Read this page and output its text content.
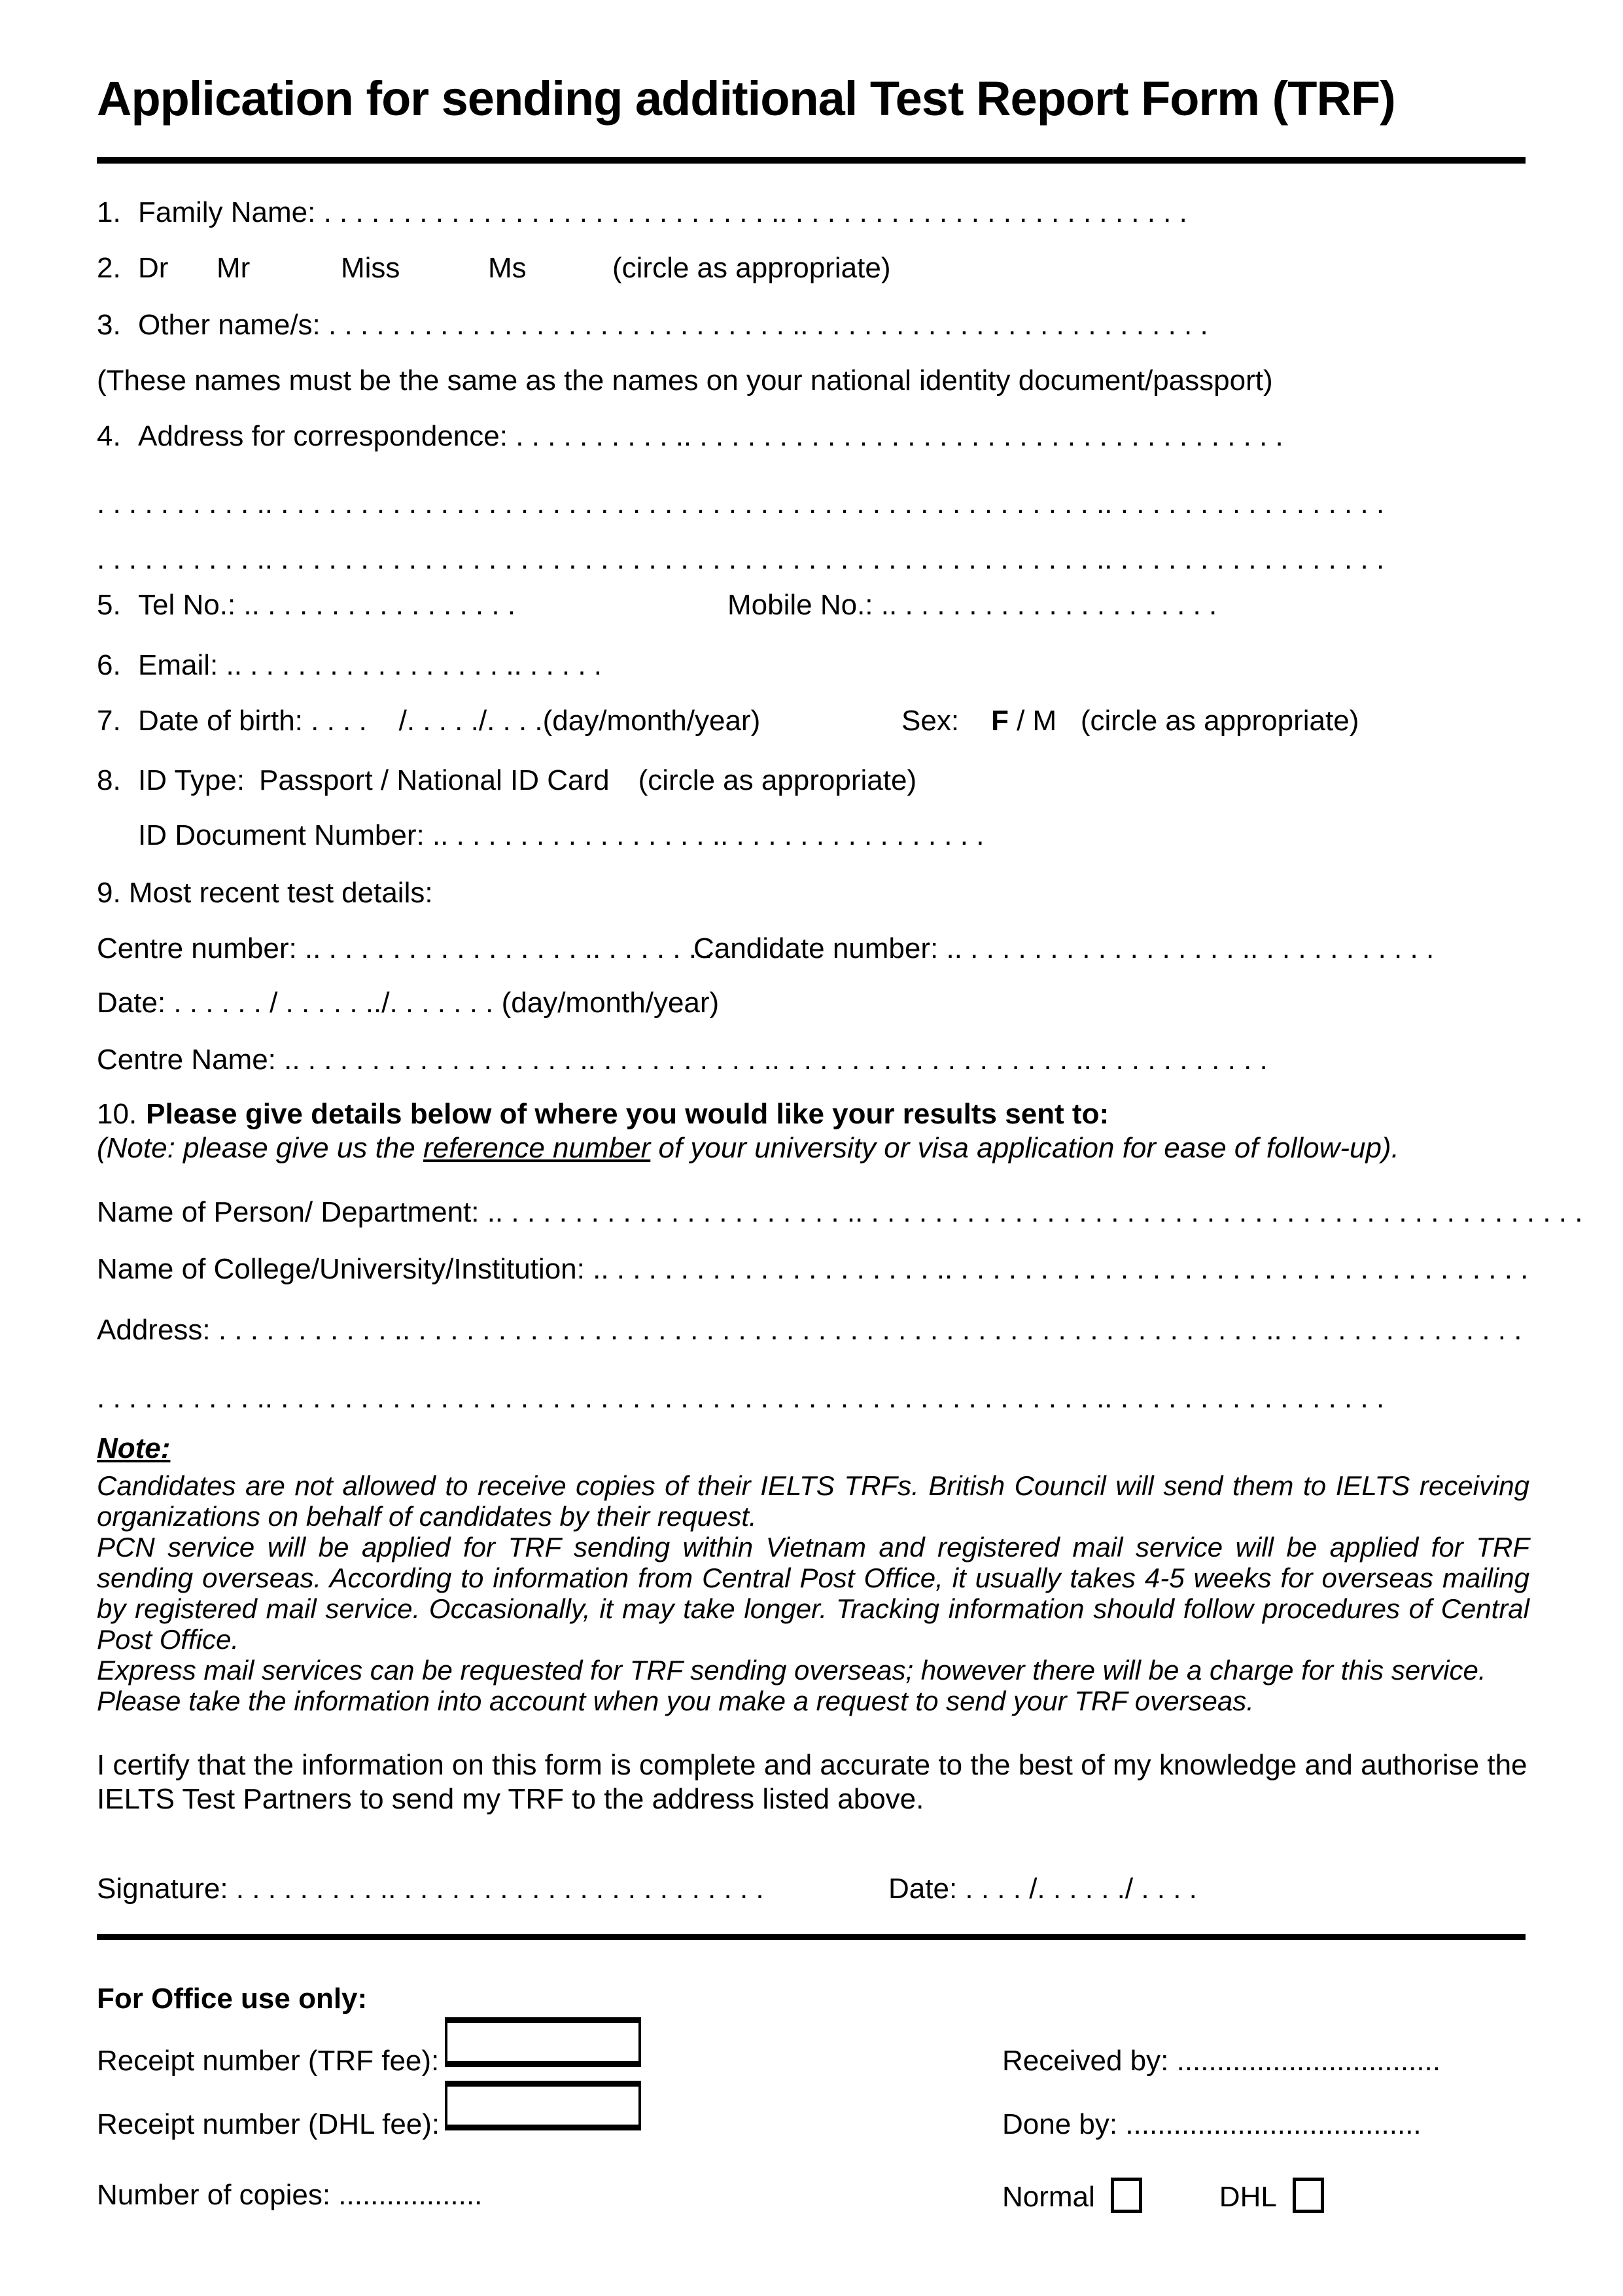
Application for sending additional Test Report Form (TRF)
1. Family Name: . . . . . . . . . . . . . . . . . . . . . . . . . . . . .. . . . . . . . . . . . . . . . . . . . . . . . . .
2. Dr Mr	Miss	Ms	(circle as appropriate)
3. Other name/s: . . . . . . . . . . . . . . . . . . . . . . . . . . . . . .. . . . . . . . . . . . . . . . . . . . . . . . . .
(These names must be the same as the names on your national identity document/passport)
4. Address for correspondence: . . . . . . . . . . .. . . . . . . . . . . . . . . . . . . . . . . . . . . . . . . . . . . . . .
. . . . . . . . . . .. . . . . . . . . . . . . . . . . . . . . . . . . . . . . . . . . . . . . . . . . . . . . . . . . . . . .. . . . . . . . . . . . . . . . . .
. . . . . . . . . . .. . . . . . . . . . . . . . . . . . . . . . . . . . . . . . . . . . . . . . . . . . . . . . . . . . . . .. . . . . . . . . . . . . . . . . .
5. Tel No.: .. . . . . . . . . . . . . . . . .	Mobile No.: .. . . . . . . . . . . . . . . . . . . . .
6. Email: .. . . . . . . . . . . . . . . . . .. . . . . .
7. Date of birth: . . . .    /. . . . ./. . . .(day/month/year)	Sex: F / M (circle as appropriate)
8. ID Type: Passport / National ID Card (circle as appropriate)
ID Document Number: .. . . . . . . . . . . . . . . . . .. . . . . . . . . . . . . . . . .
9. Most recent test details:
Centre number: .. . . . . . . . . . . . . . . . . .. . . . . . . .
Candidate number: .. . . . . . . . . . . . . . . . . . .. . . . . . . . . . . .
Date: . . . . . . / . . . . . ../. . . . . . . (day/month/year)
Centre Name: .. . . . . . . . . . . . . . . . . . .. . . . . . . . . . . .. . . . . . . . . . . . . . . . . . . .. . . . . . . . . . . .
10. Please give details below of where you would like your results sent to:
(Note: please give us the reference number of your university or visa application for ease of follow-up).
Name of Person/ Department: .. . . . . . . . . . . . . . . . . . . . . . .. . . . . . . . . . . . . . . . . . . . . . . . . . . . . . . . . . . . . . . . . . . . . .
Name of College/University/Institution: .. . . . . . . . . . . . . . . . . . . . . .. . . . . . . . . . . . . . . . . . . . . . . . . . . . . . . . . . . . .
Address: . . . . . . . . . . . .. . . . . . . . . . . . . . . . . . . . . . . . . . . . . . . . . . . . . . . . . . . . . . . . . . . . . . .. . . . . . . . . . . . . . . .
. . . . . . . . . . .. . . . . . . . . . . . . . . . . . . . . . . . . . . . . . . . . . . . . . . . . . . . . . . . . . . . .. . . . . . . . . . . . . . . . . .
Note:

Candidates are not allowed to receive copies of their IELTS TRFs. British Council will send them to IELTS receiving organizations on behalf of candidates by their request.

PCN service will be applied for TRF sending within Vietnam and registered mail service will be applied for TRF sending overseas. According to information from Central Post Office, it usually takes 4-5 weeks for overseas mailing by registered mail service. Occasionally, it may take longer. Tracking information should follow procedures of Central Post Office.

Express mail services can be requested for TRF sending overseas; however there will be a charge for this service.

Please take the information into account when you make a request to send your TRF overseas.

I certify that the information on this form is complete and accurate to the best of my knowledge and authorise the IELTS Test Partners to send my TRF to the address listed above.
Signature: . . . . . . . . . .. . . . . . . . . . . . . . . . . . . . . . . .	Date: . . . . /. . . . . ./ . . . .
For Office use only:
Receipt number (TRF fee):	Received by: .................................
Receipt number (DHL fee):	Done by: .....................................
Number of copies: ..................	Normal	DHL
